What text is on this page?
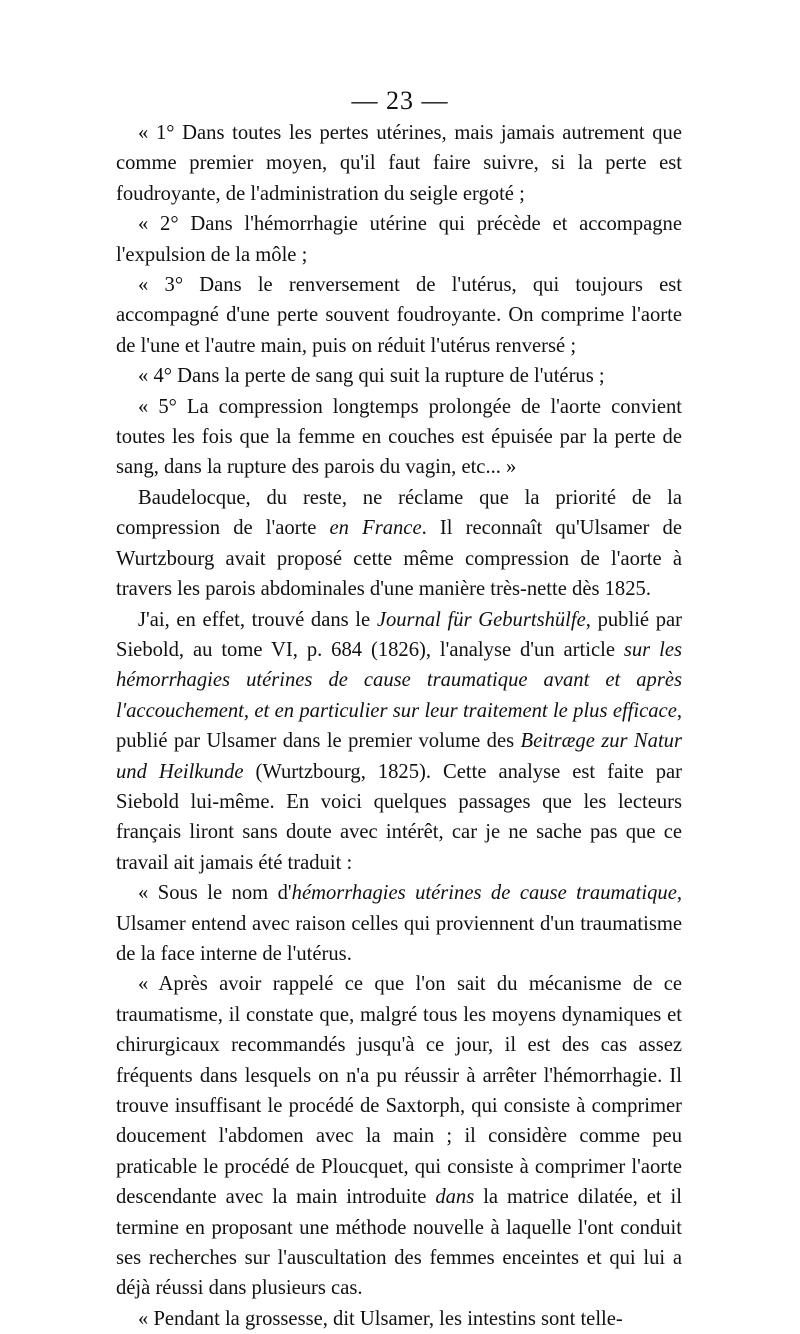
— 23 —

« 1° Dans toutes les pertes utérines, mais jamais autrement que comme premier moyen, qu'il faut faire suivre, si la perte est foudroyante, de l'administration du seigle ergoté ;

« 2° Dans l'hémorrhagie utérine qui précède et accompagne l'expulsion de la môle ;

« 3° Dans le renversement de l'utérus, qui toujours est accompagné d'une perte souvent foudroyante. On comprime l'aorte de l'une et l'autre main, puis on réduit l'utérus renversé ;

« 4° Dans la perte de sang qui suit la rupture de l'utérus ;

« 5° La compression longtemps prolongée de l'aorte convient toutes les fois que la femme en couches est épuisée par la perte de sang, dans la rupture des parois du vagin, etc... »

Baudelocque, du reste, ne réclame que la priorité de la compression de l'aorte en France. Il reconnaît qu'Ulsamer de Wurtzbourg avait proposé cette même compression de l'aorte à travers les parois abdominales d'une manière très-nette dès 1825.

J'ai, en effet, trouvé dans le Journal für Geburtshülfe, publié par Siebold, au tome VI, p. 684 (1826), l'analyse d'un article sur les hémorrhagies utérines de cause traumatique avant et après l'accouchement, et en particulier sur leur traitement le plus efficace, publié par Ulsamer dans le premier volume des Beitræge zur Natur und Heilkunde (Wurtzbourg, 1825). Cette analyse est faite par Siebold lui-même. En voici quelques passages que les lecteurs français liront sans doute avec intérêt, car je ne sache pas que ce travail ait jamais été traduit :

« Sous le nom d'hémorrhagies utérines de cause traumatique, Ulsamer entend avec raison celles qui proviennent d'un traumatisme de la face interne de l'utérus.

« Après avoir rappelé ce que l'on sait du mécanisme de ce traumatisme, il constate que, malgré tous les moyens dynamiques et chirurgicaux recommandés jusqu'à ce jour, il est des cas assez fréquents dans lesquels on n'a pu réussir à arrêter l'hémorrhagie. Il trouve insuffisant le procédé de Saxtorph, qui consiste à comprimer doucement l'abdomen avec la main ; il considère comme peu praticable le procédé de Ploucquet, qui consiste à comprimer l'aorte descendante avec la main introduite dans la matrice dilatée, et il termine en proposant une méthode nouvelle à laquelle l'ont conduit ses recherches sur l'auscultation des femmes enceintes et qui lui a déjà réussi dans plusieurs cas.

« Pendant la grossesse, dit Ulsamer, les intestins sont telle-
